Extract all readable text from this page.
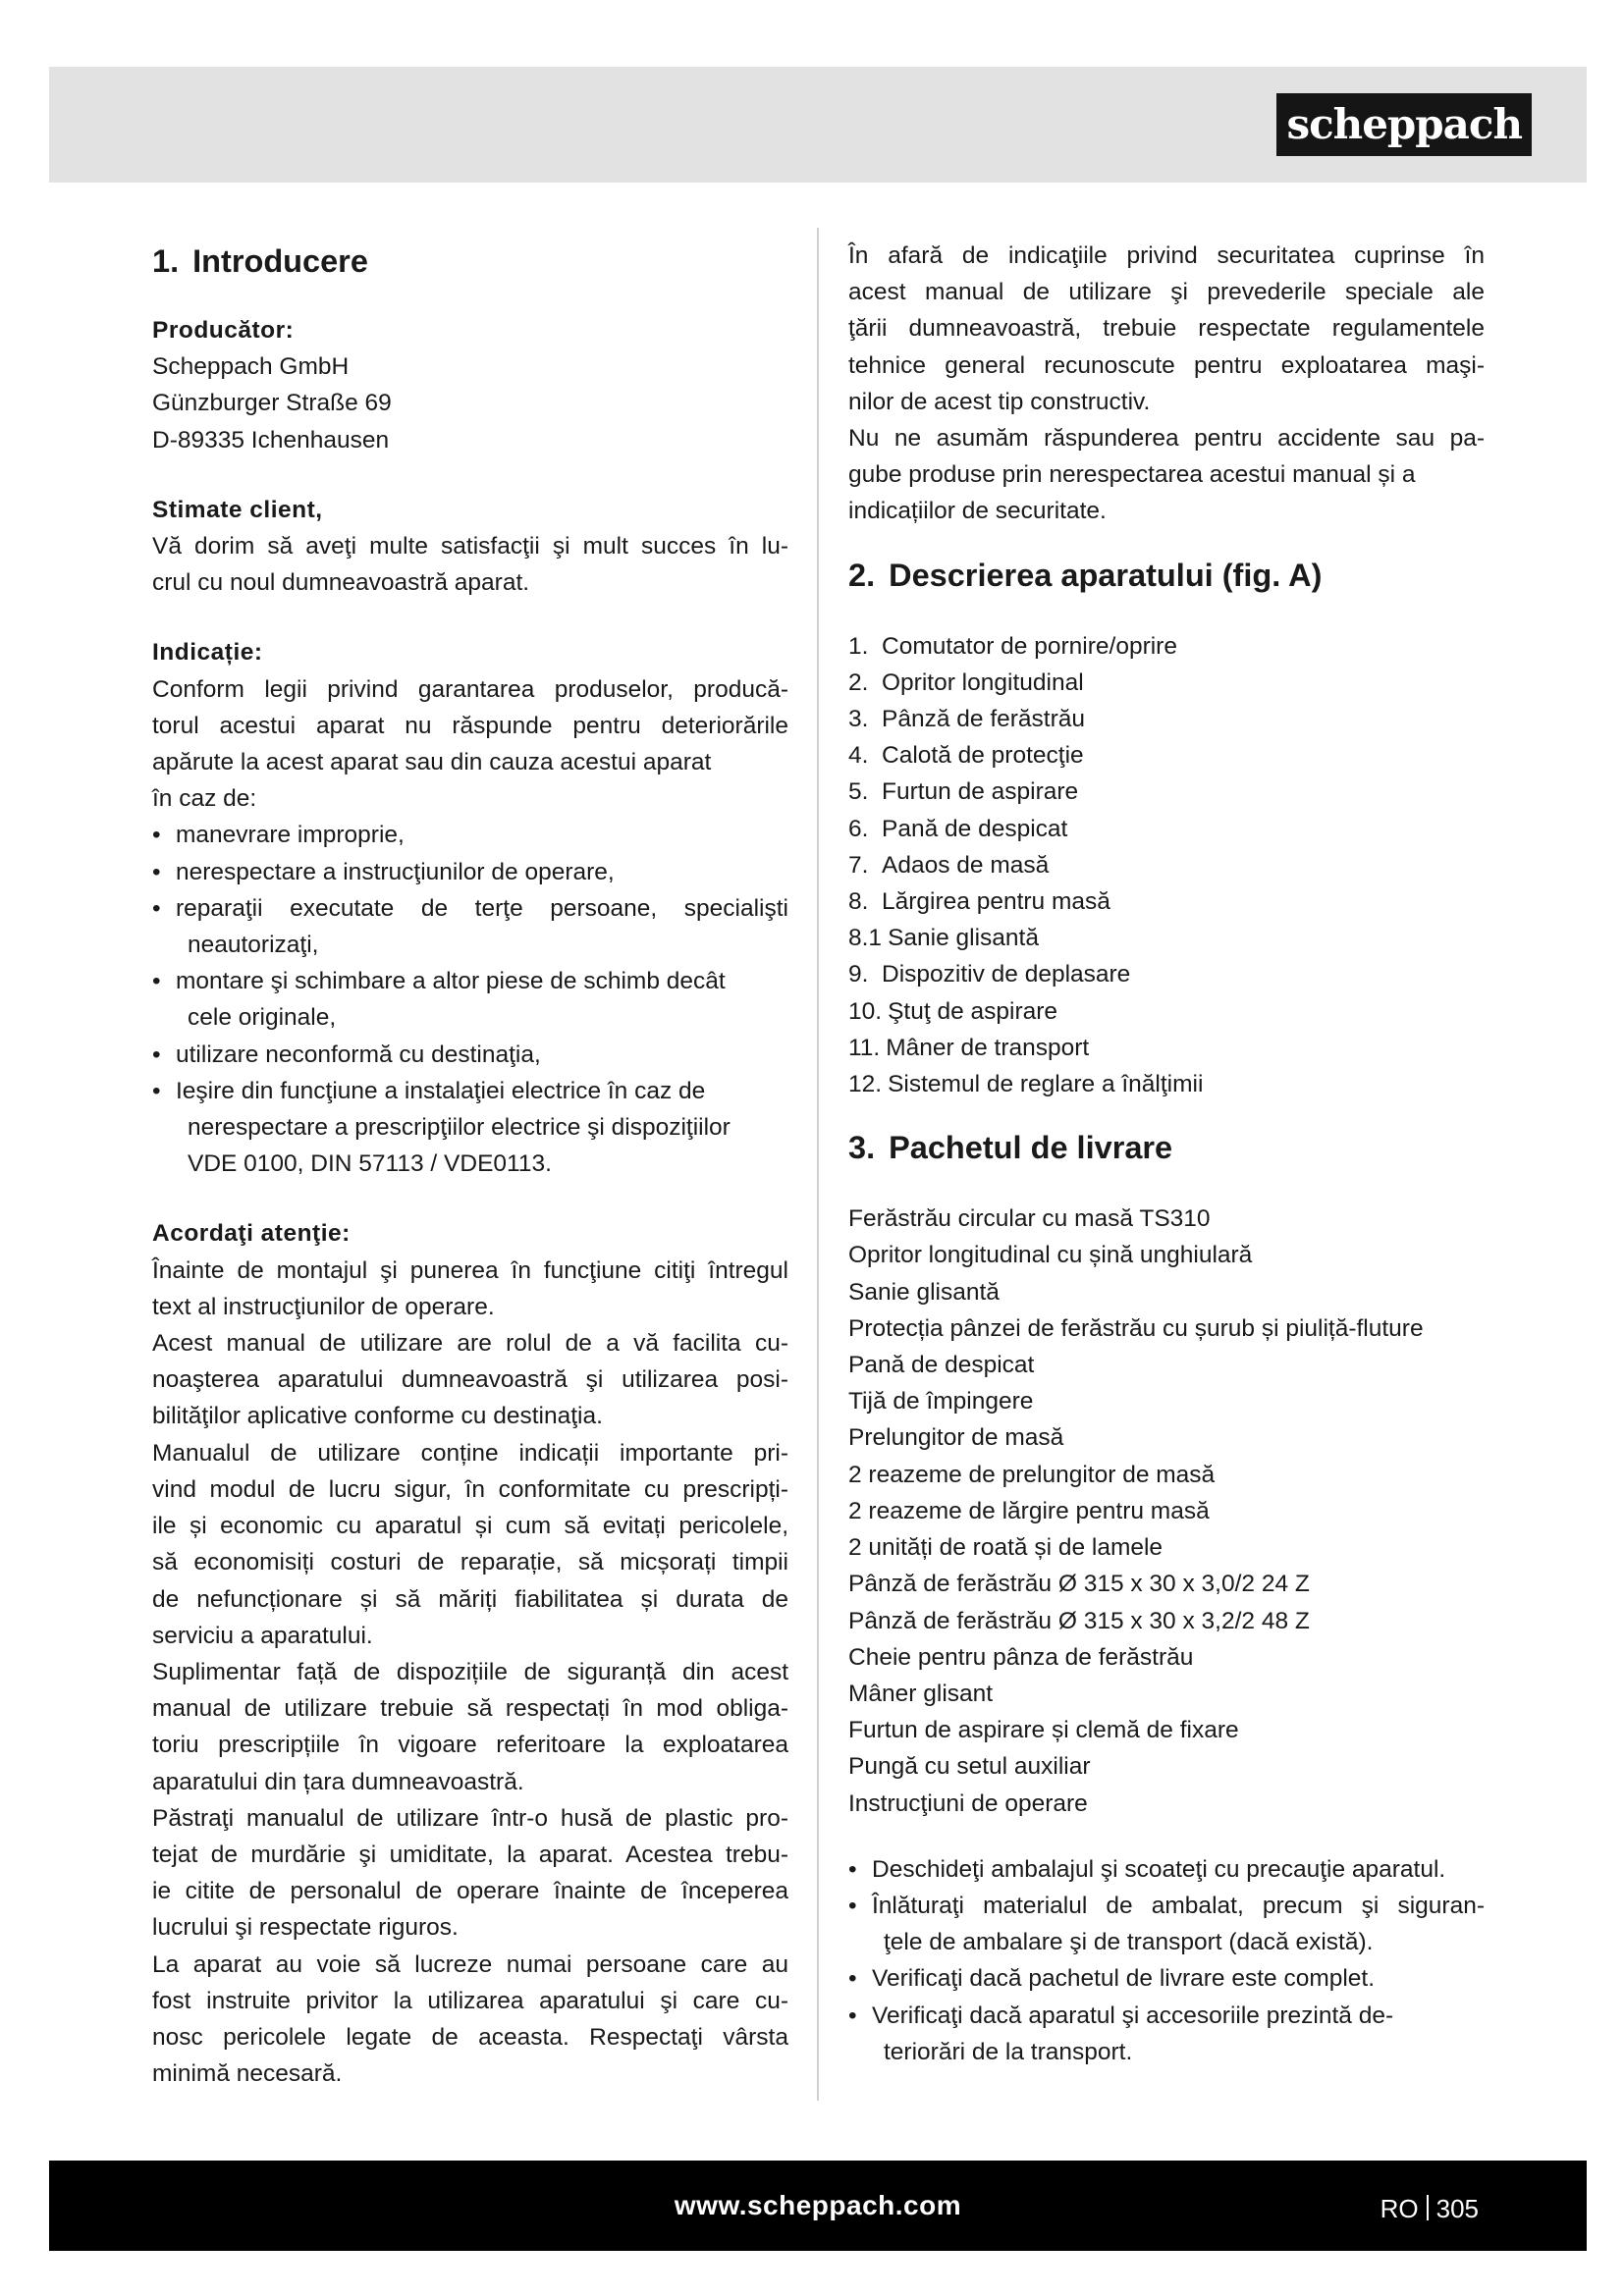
scheppach
1. Introducere

Producător:

Scheppach GmbH

Günzburger Straße 69

D-89335 Ichenhausen

Stimate client,

Vă dorim să aveţi multe satisfacţii şi mult succes în lu-

crul cu noul dumneavoastră aparat.

Indicație:

Conform legii privind garantarea produselor, producă-

torul acestui aparat nu răspunde pentru deteriorările

apărute la acest aparat sau din cauza acestui aparat

în caz de:

• manevrare improprie,
• nerespectare a instrucţiunilor de operare,
• reparaţii executate de terţe persoane, specialişti
neautorizaţi,
• montare şi schimbare a altor piese de schimb decât
cele originale,
• utilizare neconformă cu destinaţia,
• Ieşire din funcţiune a instalaţiei electrice în caz de
nerespectare a prescripţiilor electrice şi dispoziţiilor
VDE 0100, DIN 57113 / VDE0113.

Acordaţi atenţie:

Înainte de montajul şi punerea în funcţiune citiţi întregul

text al instrucţiunilor de operare.

Acest manual de utilizare are rolul de a vă facilita cu-

noaşterea aparatului dumneavoastră şi utilizarea posi-

bilităţilor aplicative conforme cu destinaţia.

Manualul de utilizare conține indicații importante pri-

vind modul de lucru sigur, în conformitate cu prescripți-

ile și economic cu aparatul și cum să evitați pericolele,

să economisiți costuri de reparație, să micșorați timpii

de nefuncționare și să măriți fiabilitatea și durata de

serviciu a aparatului.

Suplimentar față de dispozițiile de siguranță din acest

manual de utilizare trebuie să respectați în mod obliga-

toriu prescripțiile în vigoare referitoare la exploatarea

aparatului din țara dumneavoastră.

Păstraţi manualul de utilizare într-o husă de plastic pro-

tejat de murdărie şi umiditate, la aparat. Acestea trebu-

ie citite de personalul de operare înainte de începerea

lucrului şi respectate riguros.

La aparat au voie să lucreze numai persoane care au

fost instruite privitor la utilizarea aparatului şi care cu-

nosc pericolele legate de aceasta. Respectaţi vârsta

minimă necesară.

În afară de indicaţiile privind securitatea cuprinse în

acest manual de utilizare şi prevederile speciale ale

ţării dumneavoastră, trebuie respectate regulamentele

tehnice general recunoscute pentru exploatarea maşi-

nilor de acest tip constructiv.

Nu ne asumăm răspunderea pentru accidente sau pa-

gube produse prin nerespectarea acestui manual și a

indicațiilor de securitate.

2. Descrierea aparatului (fig. A)
1. Comutator de pornire/oprire
2. Opritor longitudinal
3. Pânză de ferăstrău
4. Calotă de protecţie
5. Furtun de aspirare
6. Pană de despicat
7. Adaos de masă
8. Lărgirea pentru masă
8.1 Sanie glisantă
9. Dispozitiv de deplasare
10. Ştuţ de aspirare
11. Mâner de transport
12. Sistemul de reglare a înălţimii
3. Pachetul de livrare
Ferăstrău circular cu masă TS310
Opritor longitudinal cu șină unghiulară
Sanie glisantă
Protecția pânzei de ferăstrău cu șurub și piuliță-fluture
Pană de despicat
Tijă de împingere
Prelungitor de masă
2 reazeme de prelungitor de masă
2 reazeme de lărgire pentru masă
2 unități de roată și de lamele
Pânză de ferăstrău Ø 315 x 30 x 3,0/2 24 Z
Pânză de ferăstrău Ø 315 x 30 x 3,2/2 48 Z
Cheie pentru pânza de ferăstrău
Mâner glisant
Furtun de aspirare și clemă de fixare
Pungă cu setul auxiliar
Instrucţiuni de operare
• Deschideţi ambalajul şi scoateţi cu precauţie aparatul.
• Înlăturaţi materialul de ambalat, precum şi siguran-
ţele de ambalare şi de transport (dacă există).
• Verificaţi dacă pachetul de livrare este complet.
• Verificaţi dacă aparatul şi accesoriile prezintă de-
teriorări de la transport.
www.scheppach.com	RO 305
